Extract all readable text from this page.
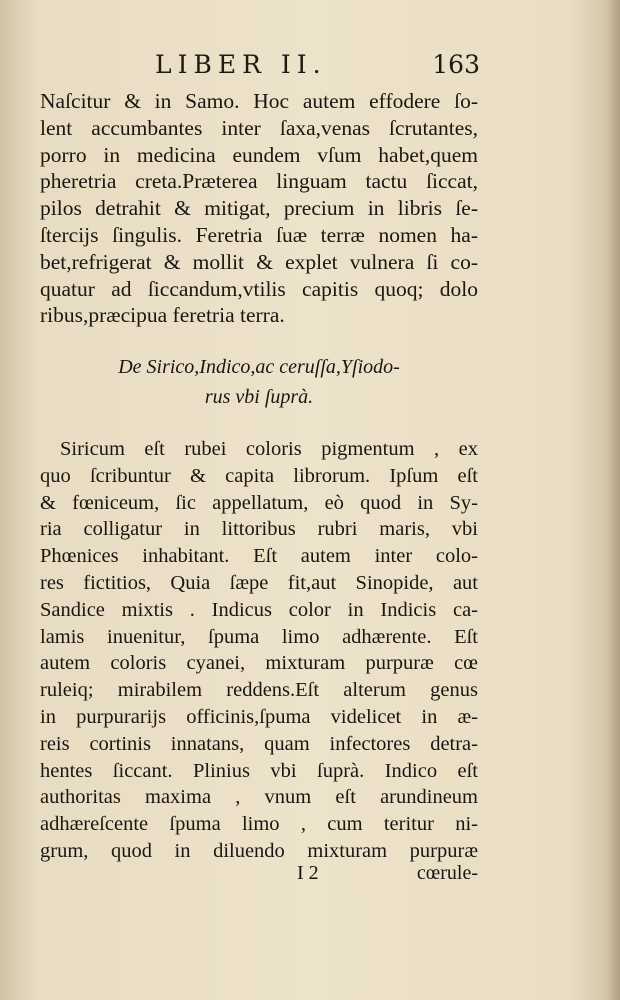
LIBER II.	163
Naſcitur & in Samo. Hoc autem effodere ſo-
lent accumbantes inter ſaxa,venas ſcrutantes,
porro in medicina eundem vſum habet,quem
pheretria creta.Præterea linguam tactu ſiccat,
pilos detrahit & mitigat, precium in libris ſe-
ſtercijs ſingulis. Feretria ſuæ terræ nomen ha-
bet,refrigerat & mollit & explet vulnera ſi co-
quatur ad ſiccandum,vtilis capitis quoq; dolo
ribus,præcipua feretria terra.
De Sirico,Indico,ac ceruſſa,Yſiodo-
rus vbi ſuprà.
Siricum eſt rubei coloris pigmentum , ex
quo ſcribuntur & capita librorum. Ipſum eſt
& fœniceum, ſic appellatum, eò quod in Sy-
ria colligatur in littoribus rubri maris, vbi
Phœnices inhabitant. Eſt autem inter colo-
res fictitios, Quia ſæpe fit,aut Sinopide, aut
Sandice mixtis . Indicus color in Indicis ca-
lamis inuenitur, ſpuma limo adhærente. Eſt
autem coloris cyanei, mixturam purpuræ cœ
ruleiq; mirabilem reddens.Eſt alterum genus
in purpurarijs officinis,ſpuma videlicet in æ-
reis cortinis innatans, quam infectores detra-
hentes ſiccant. Plinius vbi ſuprà. Indico eſt
authoritas maxima , vnum eſt arundineum
adhæreſcente ſpuma limo , cum teritur ni-
grum, quod in diluendo mixturam purpuræ
I 2	cœrule-
